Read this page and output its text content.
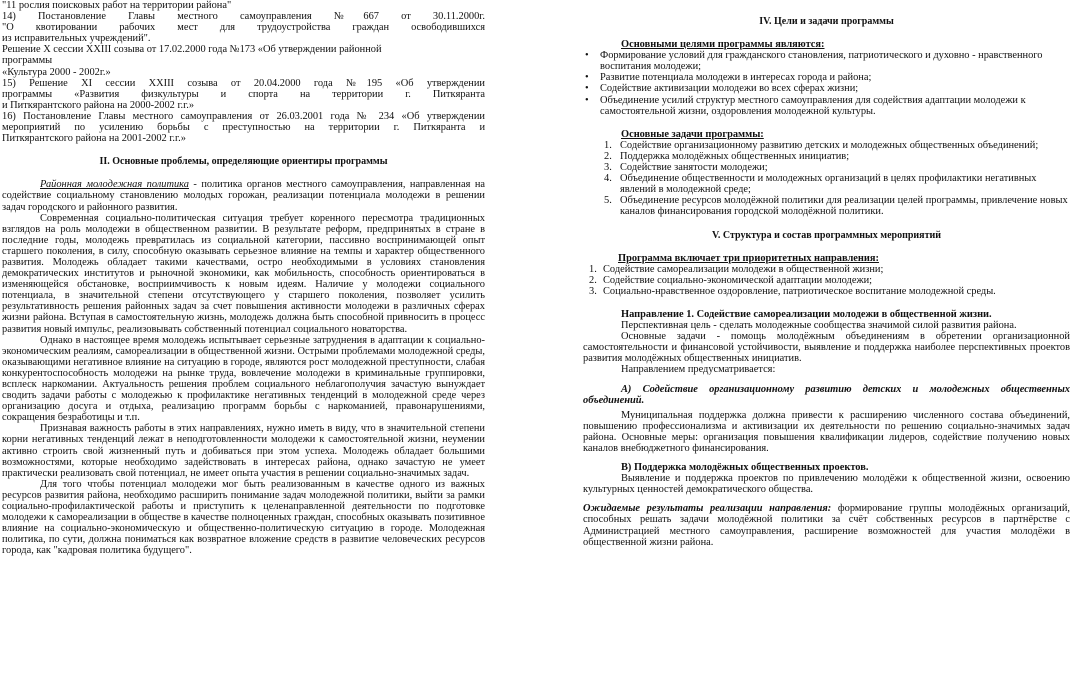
"11 рослия поисковых работ на территории района"
14) Постановление Главы местного самоуправления №667 от 30.11.2000г.
"О квотировании рабочих мест для трудоустройства граждан освободившихся
из исправительных учреждений".
Решение X сессии XXIII созыва от 17.02.2000 года №173 «Об утверждении районной
программы
«Культура 2000 - 2002г.»
15) Решение XI сессии XXIII созыва от 20.04.2000 года №195 «Об утверждении
программы «Развития физкультуры и спорта на территории г. Питкяранта
и Питкярантского района на 2000-2002 г.г.»
16) Постановление Главы местного самоуправления от 26.03.2001 года № 234 «Об утверждении
мероприятий по усилению борьбы с преступностью на территории г. Питкяранта и
Питкярантского района на 2001-2002 г.г.»
II. Основные проблемы, определяющие ориентиры программы

Районная молодежная политика - политика органов местного самоуправления, направленная на содействие социальному становлению молодых горожан, реализации потенциала молодежи в решении задач городского и районного развития.

Современная социально-политическая ситуация требует коренного пересмотра традиционных взглядов на роль молодежи в общественном развитии. В результате реформ, предпринятых в стране в последние годы, молодежь превратилась из социальной категории, пассивно воспринимающей опыт старшего поколения, в силу, способную оказывать серьезное влияние на темпы и характер общественного развития. Молодежь обладает такими качествами, остро необходимыми в условиях становления демократических институтов и рыночной экономики, как мобильность, способность ориентироваться в изменяющейся обстановке, восприимчивость к новым идеям. Наличие у молодежи социального потенциала, в значительной степени отсутствующего у старшего поколения, позволяет усилить результативность решения районных задач за счет повышения активности молодежи в различных сферах жизни района. Вступая в самостоятельную жизнь, молодежь должна быть способной привносить в процесс развития новый импульс, реализовывать собственный потенциал социального новаторства.

Однако в настоящее время молодежь испытывает серьезные затруднения в адаптации к социально-экономическим реалиям, самореализации в общественной жизни. Острыми проблемами молодежной среды, оказывающими негативное влияние на ситуацию в городе, являются рост молодежной преступности, слабая конкурентоспособность молодежи на рынке труда, вовлечение молодежи в криминальные группировки, всплеск наркомании. Актуальность решения проблем социального неблагополучия зачастую вынуждает сводить задачи работы с молодежью к профилактике негативных тенденций в молодежной среде через организацию досуга и отдыха, реализацию программ борьбы с наркоманией, правонарушениями, сокращения безработицы и т.п.

Признавая важность работы в этих направлениях, нужно иметь в виду, что в значительной степени корни негативных тенденций лежат в неподготовленности молодежи к самостоятельной жизни, неумении активно строить свой жизненный путь и добиваться при этом успеха. Молодежь обладает большими возможностями, которые необходимо задействовать в интересах района, однако зачастую не умеет практически реализовать свой потенциал, не имеет опыта участия в решении социально-значимых задач.

Для того чтобы потенциал молодежи мог быть реализованным в качестве одного из важных ресурсов развития района, необходимо расширить понимание задач молодежной политики, выйти за рамки социально-профилактической работы и приступить к целенаправленной деятельности по подготовке молодежи к самореализации в обществе в качестве полноценных граждан, способных оказывать позитивное влияние на социально-экономическую и общественно-политическую ситуацию в городе. Молодежная политика, по сути, должна пониматься как возвратное вложение средств в развитие человеческих ресурсов города, как "кадровая политика будущего".

IV. Цели и задачи программы
Основными целями программы являются:
• Формирование условий для гражданского становления, патриотического и духовно - нравственного воспитания молодежи;
• Развитие потенциала молодежи в интересах города и района;
• Содействие активизации молодежи во всех сферах жизни;
• Объединение усилий структур местного самоуправления для содействия адаптации молодежи к самостоятельной жизни, оздоровления молодежной культуры.
Основные задачи программы:
1. Содействие организационному развитию детских и молодежных общественных объединений;
2. Поддержка молодёжных общественных инициатив;
3. Содействие занятости молодежи;
4. Объединение общественности и молодежных организаций в целях профилактики негативных явлений в молодежной среде;
5. Объединение ресурсов молодёжной политики для реализации целей программы, привлечение новых каналов финансирования городской молодёжной политики.
V. Структура и состав программных мероприятий
Программа включает три приоритетных направления:
1. Содействие самореализации молодежи в общественной жизни;
2. Содействие социально-экономической адаптации молодежи;
3. Социально-нравственное оздоровление, патриотическое воспитание молодежной среды.
Направление 1. Содействие самореализации молодежи в общественной жизни.
Перспективная цель - сделать молодежные сообщества значимой силой развития района.
Основные задачи - помощь молодёжным объединениям в обретении организационной самостоятельности и финансовой устойчивости, выявление и поддержка наиболее перспективных проектов развития молодёжных общественных инициатив.
Направлением предусматривается:
А) Содействие организационному развитию детских и молодежных общественных объединений.
Муниципальная поддержка должна привести к расширению численного состава объединений, повышению профессионализма и активизации их деятельности по решению социально-значимых задач района. Основные меры: организация повышения квалификации лидеров, содействие получению новых каналов внебюджетного финансирования.
В) Поддержка молодёжных общественных проектов.
Выявление и поддержка проектов по привлечению молодёжи к общественной жизни, освоению культурных ценностей демократического общества.

Ожидаемые результаты реализации направления: формирование группы молодёжных организаций, способных решать задачи молодёжной политики за счёт собственных ресурсов в партнёрстве с Администрацией местного самоуправления, расширение возможностей для участия молодёжи в общественной жизни района.
